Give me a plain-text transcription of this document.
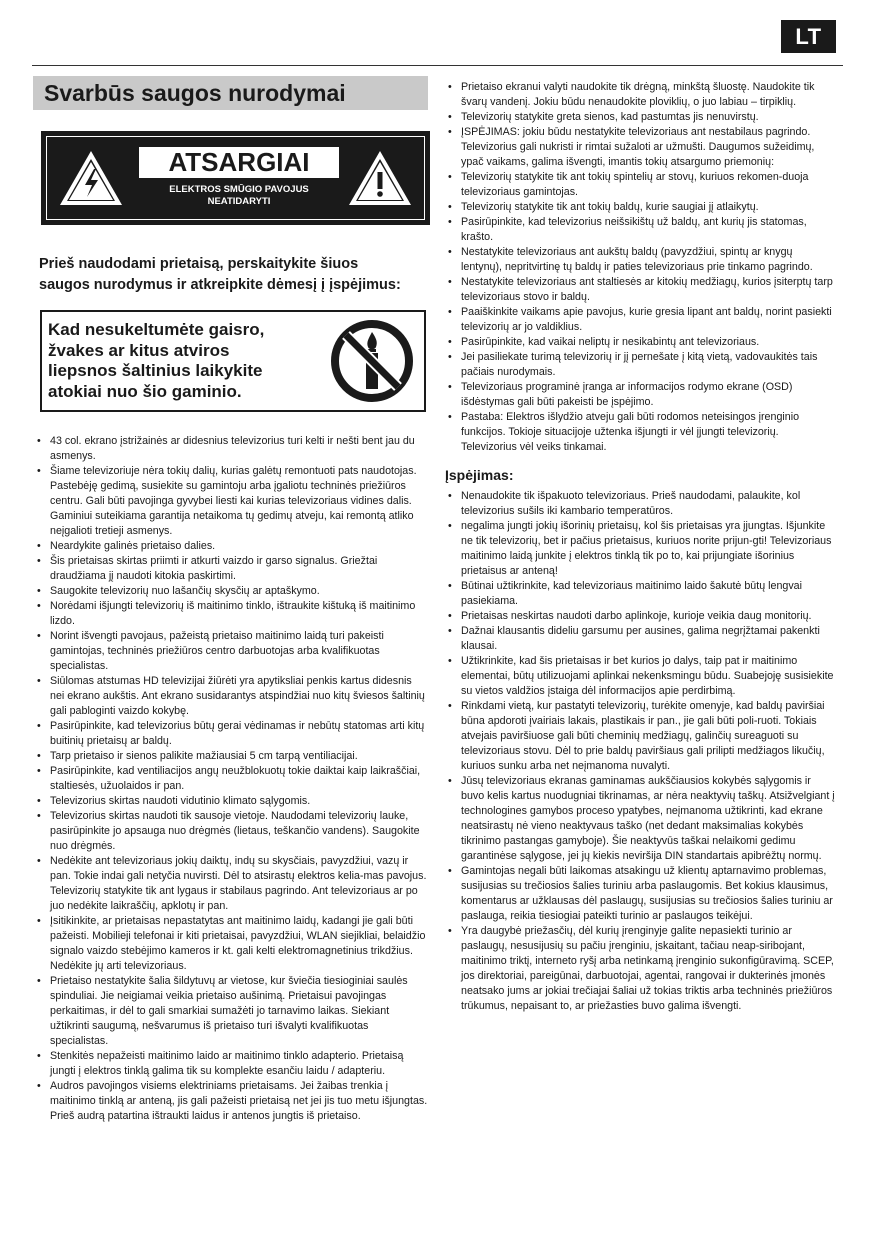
LT
Svarbūs saugos nurodymai
ATSARGIAI
ELEKTROS SMŪGIO PAVOJUS
NEATIDARYTI
Prieš naudodami prietaisą, perskaitykite šiuos
saugos nurodymus ir atkreipkite dėmesį į įspėjimus:
Kad nesukeltumėte gaisro,
žvakes ar kitus atviros
liepsnos šaltinius laikykite
atokiai nuo šio gaminio.
• 43 col. ekrano įstrižainės ar didesnius televizorius turi kelti ir nešti bent jau du asmenys.
• Šiame televizoriuje nėra tokių dalių, kurias galėtų remontuoti pats naudotojas. Pastebėję gedimą, susiekite su gamintoju arba įgaliotu techninės priežiūros centru. Gali būti pavojinga gyvybei liesti kai kurias televizoriaus vidines dalis. Gaminiui suteikiama garantija netaikoma tų gedimų atveju, kai remontą atliko neįgalioti tretieji asmenys.
• Neardykite galinės prietaiso dalies.
• Šis prietaisas skirtas priimti ir atkurti vaizdo ir garso signalus. Griežtai draudžiama jį naudoti kitokia paskirtimi.
• Saugokite televizorių nuo lašančių skysčių ar aptaškymo.
• Norėdami išjungti televizorių iš maitinimo tinklo, ištraukite kištuką iš maitinimo lizdo.
• Norint išvengti pavojaus, pažeistą prietaiso maitinimo laidą turi pakeisti gamintojas, techninės priežiūros centro darbuotojas arba kvalifikuotas specialistas.
• Siūlomas atstumas HD televizijai žiūrėti yra apytiksliai penkis kartus didesnis nei ekrano aukštis. Ant ekrano susidarantys atspindžiai nuo kitų šviesos šaltinių gali pabloginti vaizdo kokybę.
• Pasirūpinkite, kad televizorius būtų gerai vėdinamas ir nebūtų statomas arti kitų buitinių prietaisų ar baldų.
• Tarp prietaiso ir sienos palikite mažiausiai 5 cm tarpą ventiliacijai.
• Pasirūpinkite, kad ventiliacijos angų neužblokuotų tokie daiktai kaip laikraščiai, staltiesės, užuolaidos ir pan.
• Televizorius skirtas naudoti vidutinio klimato sąlygomis.
• Televizorius skirtas naudoti tik sausoje vietoje. Naudodami televizorių lauke, pasirūpinkite jo apsauga nuo drėgmės (lietaus, teškančio vandens). Saugokite nuo drėgmės.
• Nedėkite ant televizoriaus jokių daiktų, indų su skysčiais, pavyzdžiui, vazų ir pan. Tokie indai gali netyčia nuvirsti. Dėl to atsirastų elektros kelia-mas pavojus. Televizorių statykite tik ant lygaus ir stabilaus pagrindo. Ant televizoriaus ar po juo nedėkite laikraščių, apklotų ir pan.
• Įsitikinkite, ar prietaisas nepastatytas ant maitinimo laidų, kadangi jie gali būti pažeisti. Mobilieji telefonai ir kiti prietaisai, pavyzdžiui, WLAN siejikliai, belaidžio signalo vaizdo stebėjimo kameros ir kt. gali kelti elektromagnetinius trikdžius. Nedėkite jų arti televizoriaus.
• Prietaiso nestatykite šalia šildytuvų ar vietose, kur šviečia tiesioginiai saulės spinduliai. Jie neigiamai veikia prietaiso aušinimą. Prietaisui pavojingas perkaitimas, ir dėl to gali smarkiai sumažėti jo tarnavimo laikas. Siekiant užtikrinti saugumą, nešvarumus iš prietaiso turi išvalyti kvalifikuotas specialistas.
• Stenkitės nepažeisti maitinimo laido ar maitinimo tinklo adapterio. Prietaisą jungti į elektros tinklą galima tik su komplekte esančiu laidu / adapteriu.
• Audros pavojingos visiems elektriniams prietaisams. Jei žaibas trenkia į maitinimo tinklą ar anteną, jis gali pažeisti prietaisą net jei jis tuo metu išjungtas. Prieš audrą patartina ištraukti laidus ir antenos jungtis iš prietaiso.
• Prietaiso ekranui valyti naudokite tik drėgną, minkštą šluostę. Naudokite tik švarų vandenį. Jokiu būdu nenaudokite ploviklių, o juo labiau – tirpiklių.
• Televizorių statykite greta sienos, kad pastumtas jis nenuvirstų.
• ĮSPĖJIMAS: jokiu būdu nestatykite televizoriaus ant nestabilaus pagrindo. Televizorius gali nukristi ir rimtai sužaloti ar užmušti. Daugumos sužeidimų, ypač vaikams, galima išvengti, imantis tokių atsargumo priemonių:
• Televizorių statykite tik ant tokių spintelių ar stovų, kuriuos rekomen-duoja televizoriaus gamintojas.
• Televizorių statykite tik ant tokių baldų, kurie saugiai jį atlaikytų.
• Pasirūpinkite, kad televizorius neišsikištų už baldų, ant kurių jis statomas, krašto.
• Nestatykite televizoriaus ant aukštų baldų (pavyzdžiui, spintų ar knygų lentynų), nepritvirtinę tų baldų ir paties televizoriaus prie tinkamo pagrindo.
• Nestatykite televizoriaus ant staltiesės ar kitokių medžiagų, kurios įsiterptų tarp televizoriaus stovo ir baldų.
• Paaiškinkite vaikams apie pavojus, kurie gresia lipant ant baldų, norint pasiekti televizorių ar jo valdiklius.
• Pasirūpinkite, kad vaikai neliptų ir nesikabintų ant televizoriaus.
• Jei pasiliekate turimą televizorių ir jį pernešate į kitą vietą, vadovaukitės tais pačiais nurodymais.
• Televizoriaus programinė įranga ar informacijos rodymo ekrane (OSD) išdėstymas gali būti pakeisti be įspėjimo.
• Pastaba: Elektros išlydžio atveju gali būti rodomos neteisingos įrenginio funkcijos. Tokioje situacijoje užtenka išjungti ir vėl įjungti televizorių. Televizorius vėl veiks tinkamai.
Įspėjimas:
• Nenaudokite tik išpakuoto televizoriaus. Prieš naudodami, palaukite, kol televizorius sušils iki kambario temperatūros.
• negalima jungti jokių išorinių prietaisų, kol šis prietaisas yra įjungtas. Išjunkite ne tik televizorių, bet ir pačius prietaisus, kuriuos norite prijun-gti! Televizoriaus maitinimo laidą junkite į elektros tinklą tik po to, kai prijungiate išorinius prietaisus ar anteną!
• Būtinai užtikrinkite, kad televizoriaus maitinimo laido šakutė būtų lengvai pasiekiama.
• Prietaisas neskirtas naudoti darbo aplinkoje, kurioje veikia daug monitorių.
• Dažnai klausantis dideliu garsumu per ausines, galima negrįžtamai pakenkti klausai.
• Užtikrinkite, kad šis prietaisas ir bet kurios jo dalys, taip pat ir maitinimo elementai, būtų utilizuojami aplinkai nekenksmingu būdu. Suabejoję susisiekite su vietos valdžios įstaiga dėl informacijos apie perdirbimą.
• Rinkdami vietą, kur pastatyti televizorių, turėkite omenyje, kad baldų paviršiai būna apdoroti įvairiais lakais, plastikais ir pan., jie gali būti poli-ruoti. Tokiais atvejais paviršiuose gali būti cheminių medžiagų, galinčių sureaguoti su televizoriaus stovu. Dėl to prie baldų paviršiaus gali prilipti medžiagos likučių, kuriuos sunku arba net neįmanoma nuvalyti.
• Jūsų televizoriaus ekranas gaminamas aukščiausios kokybės sąlygomis ir buvo kelis kartus nuodugniai tikrinamas, ar nėra neaktyvių taškų. Atsižvelgiant į technologines gamybos proceso ypatybes, neįmanoma užtikrinti, kad ekrane neatsirastų nė vieno neaktyvaus taško (net dedant maksimalias kokybės tikrinimo pastangas gamyboje). Šie neaktyvūs taškai nelaikomi gedimu garantinėse sąlygose, jei jų kiekis neviršija DIN standartais apibrėžtų normų.
• Gamintojas negali būti laikomas atsakingu už klientų aptarnavimo problemas, susijusias su trečiosios šalies turiniu arba paslaugomis. Bet kokius klausimus, komentarus ar užklausas dėl paslaugų, susijusias su trečiosios šalies turiniu ar paslauga, reikia tiesiogiai pateikti turinio ar paslaugos teikėjui.
• Yra daugybė priežasčių, dėl kurių įrenginyje galite nepasiekti turinio ar paslaugų, nesusijusių su pačiu įrenginiu, įskaitant, tačiau neap-siribojant, maitinimo triktį, interneto ryšį arba netinkamą įrenginio sukonfigūravimą. SCEP, jos direktoriai, pareigūnai, darbuotojai, agentai, rangovai ir dukterinės įmonės neatsako jums ar jokiai trečiajai šaliai už tokias triktis arba techninės priežiūros trūkumus, nepaisant to, ar priežasties buvo galima išvengti.
